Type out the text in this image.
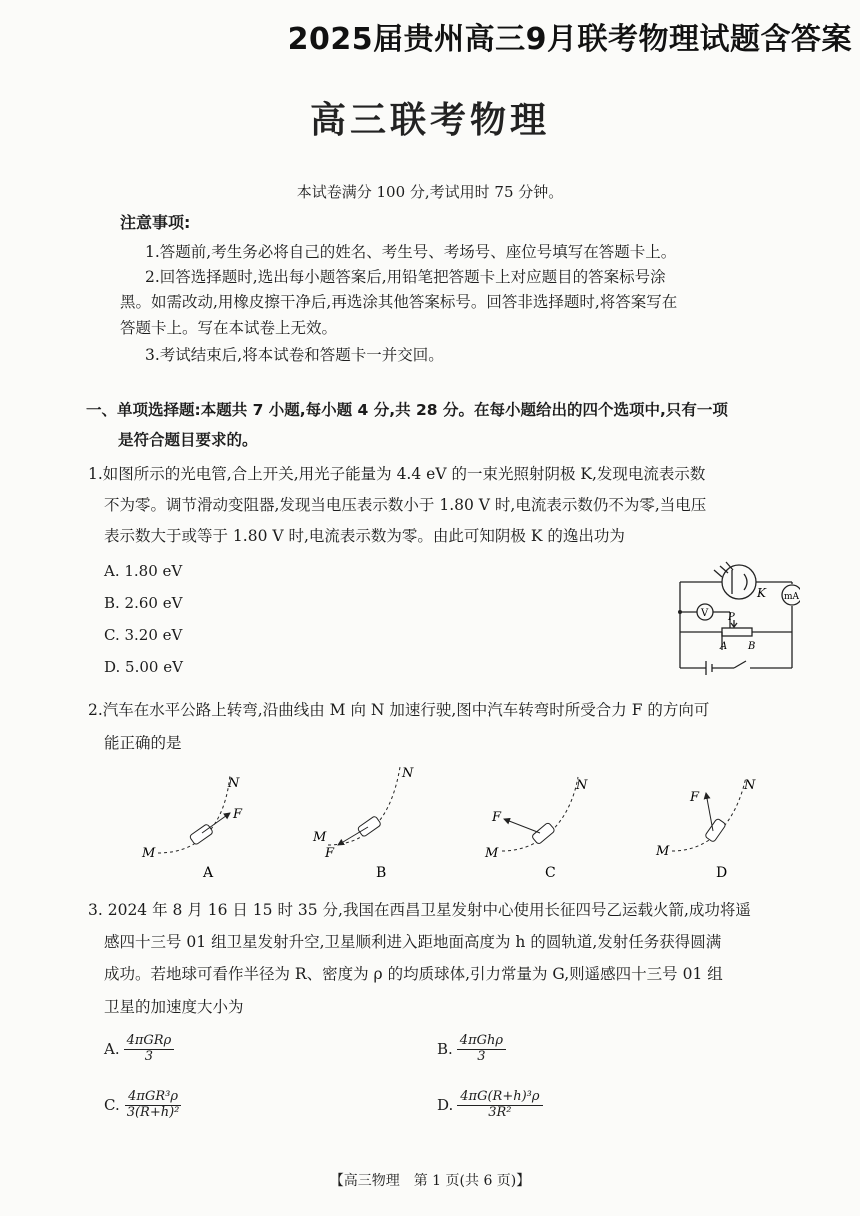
2025届贵州高三9月联考物理试题含答案
高三联考物理
本试卷满分 100 分,考试用时 75 分钟。
注意事项:
1.答题前,考生务必将自己的姓名、考生号、考场号、座位号填写在答题卡上。
2.回答选择题时,选出每小题答案后,用铅笔把答题卡上对应题目的答案标号涂
黑。如需改动,用橡皮擦干净后,再选涂其他答案标号。回答非选择题时,将答案写在
答题卡上。写在本试卷上无效。
3.考试结束后,将本试卷和答题卡一并交回。
一、单项选择题:本题共 7 小题,每小题 4 分,共 28 分。在每小题给出的四个选项中,只有一项
是符合题目要求的。
1.如图所示的光电管,合上开关,用光子能量为 4.4 eV 的一束光照射阴极 K,发现电流表示数
不为零。调节滑动变阻器,发现当电压表示数小于 1.80 V 时,电流表示数仍不为零,当电压
表示数大于或等于 1.80 V 时,电流表示数为零。由此可知阴极 K 的逸出功为
A. 1.80 eV
B. 2.60 eV
C. 3.20 eV
D. 5.00 eV
K mA
V P
A B
2.汽车在水平公路上转弯,沿曲线由 M 向 N 加速行驶,图中汽车转弯时所受合力 F 的方向可
能正确的是
M
N
F
A
M
N
F
B
M
N
F
C
M
N
F
D
3. 2024 年 8 月 16 日 15 时 35 分,我国在西昌卫星发射中心使用长征四号乙运载火箭,成功将遥
感四十三号 01 组卫星发射升空,卫星顺利进入距地面高度为 h 的圆轨道,发射任务获得圆满
成功。若地球可看作半径为 R、密度为 ρ 的均质球体,引力常量为 G,则遥感四十三号 01 组
卫星的加速度大小为
A. $\frac{\text{4πGRρ}}{3}$	B. $\frac{\text{4πGhρ}}{3}$
C. $\frac{\text{4πGR³ρ}}{\text{3(R+h)²}}$	D. $\frac{\text{4πG(R+h)³ρ}}{\text{3R²}}$
【高三物理　第 1 页(共 6 页)】
